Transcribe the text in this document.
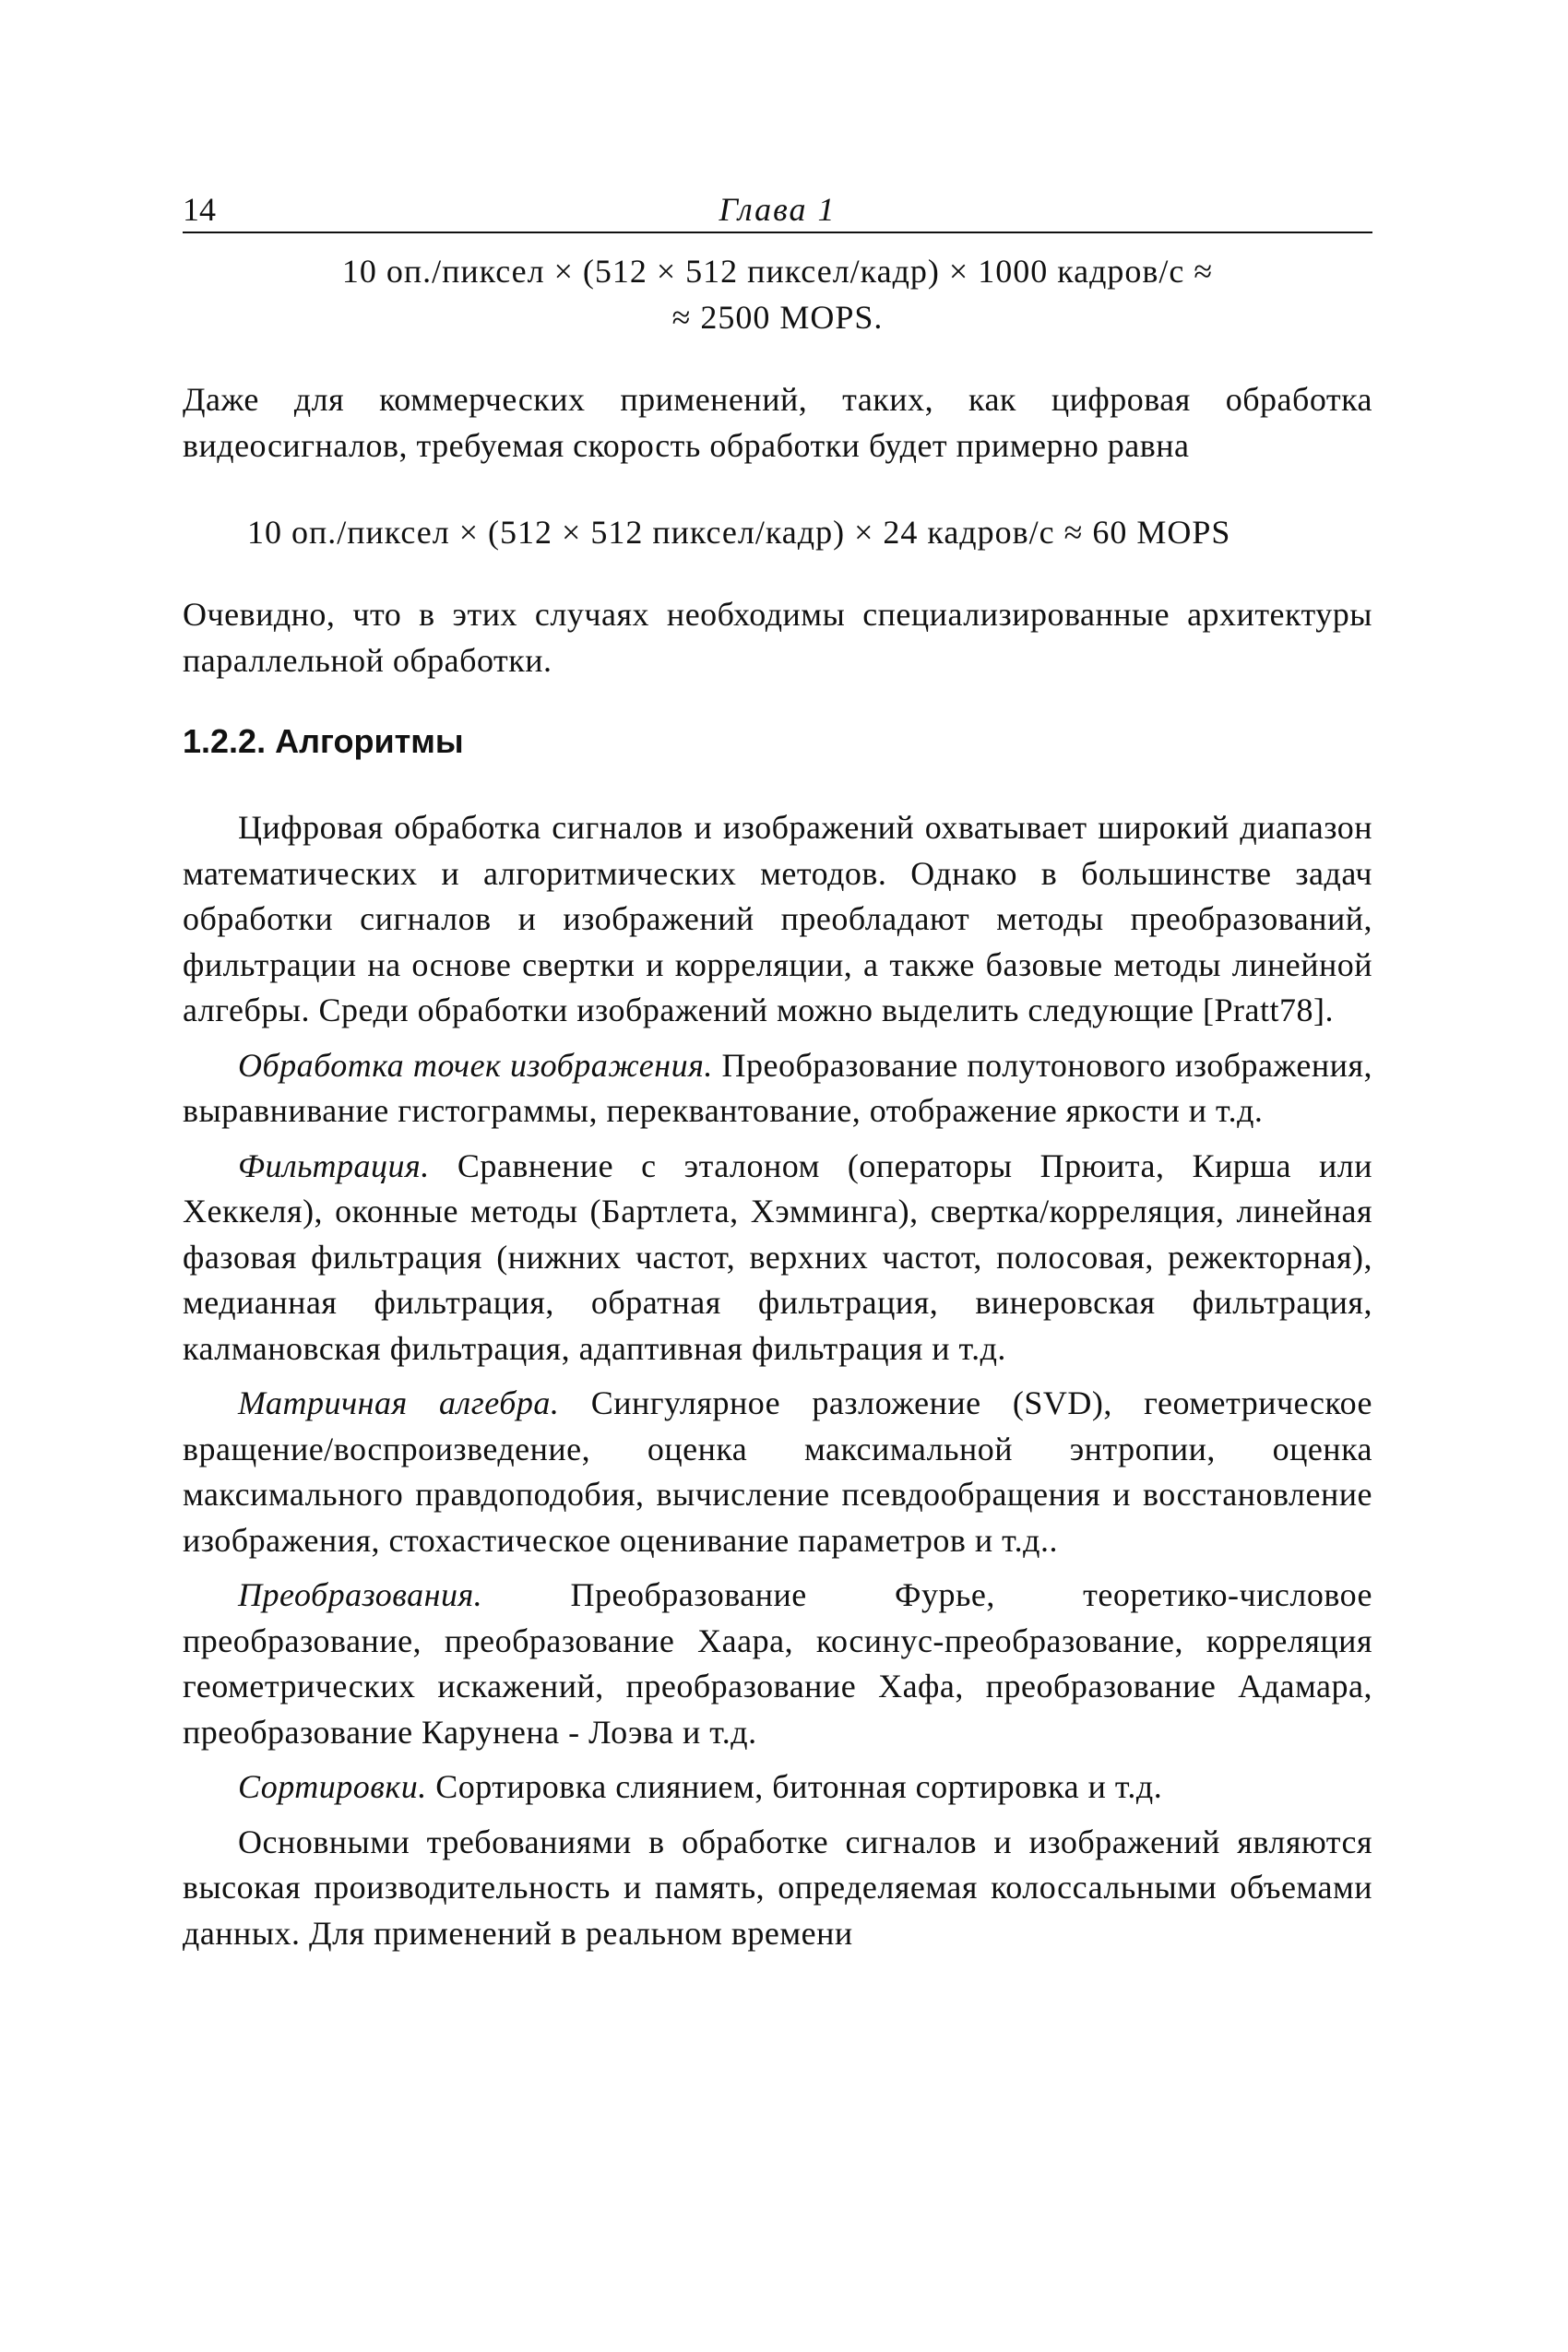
14	Глава 1
10 оп./пиксел × (512 × 512 пиксел/кадр) × 1000 кадров/с ≈
≈ 2500 MOPS.

Даже для коммерческих применений, таких, как цифровая обработка видеосигналов, требуемая скорость обработки будет примерно равна

10 оп./пиксел × (512 × 512 пиксел/кадр) × 24 кадров/с ≈ 60 MOPS

Очевидно, что в этих случаях необходимы специализированные архитектуры параллельной обработки.

1.2.2. Алгоритмы

Цифровая обработка сигналов и изображений охватывает широкий диапазон математических и алгоритмических методов. Однако в большинстве задач обработки сигналов и изображений преобладают методы преобразований, фильтрации на основе свертки и корреляции, а также базовые методы линейной алгебры. Среди обработки изображений можно выделить следующие [Pratt78].

Обработка точек изображения. Преобразование полутонового изображения, выравнивание гистограммы, переквантование, отображение яркости и т.д.

Фильтрация. Сравнение с эталоном (операторы Прюита, Кирша или Хеккеля), оконные методы (Бартлета, Хэмминга), свертка/корреляция, линейная фазовая фильтрация (нижних частот, верхних частот, полосовая, режекторная), медианная фильтрация, обратная фильтрация, винеровская фильтрация, калмановская фильтрация, адаптивная фильтрация и т.д.

Матричная алгебра. Сингулярное разложение (SVD), геометрическое вращение/воспроизведение, оценка максимальной энтропии, оценка максимального правдоподобия, вычисление псевдообращения и восстановление изображения, стохастическое оценивание параметров и т.д..

Преобразования. Преобразование Фурье, теоретико-числовое преобразование, преобразование Хаара, косинус-преобразование, корреляция геометрических искажений, преобразование Хафа, преобразование Адамара, преобразование Карунена - Лоэва и т.д.

Сортировки. Сортировка слиянием, битонная сортировка и т.д.

Основными требованиями в обработке сигналов и изображений являются высокая производительность и память, определяемая колоссальными объемами данных. Для применений в реальном времени
